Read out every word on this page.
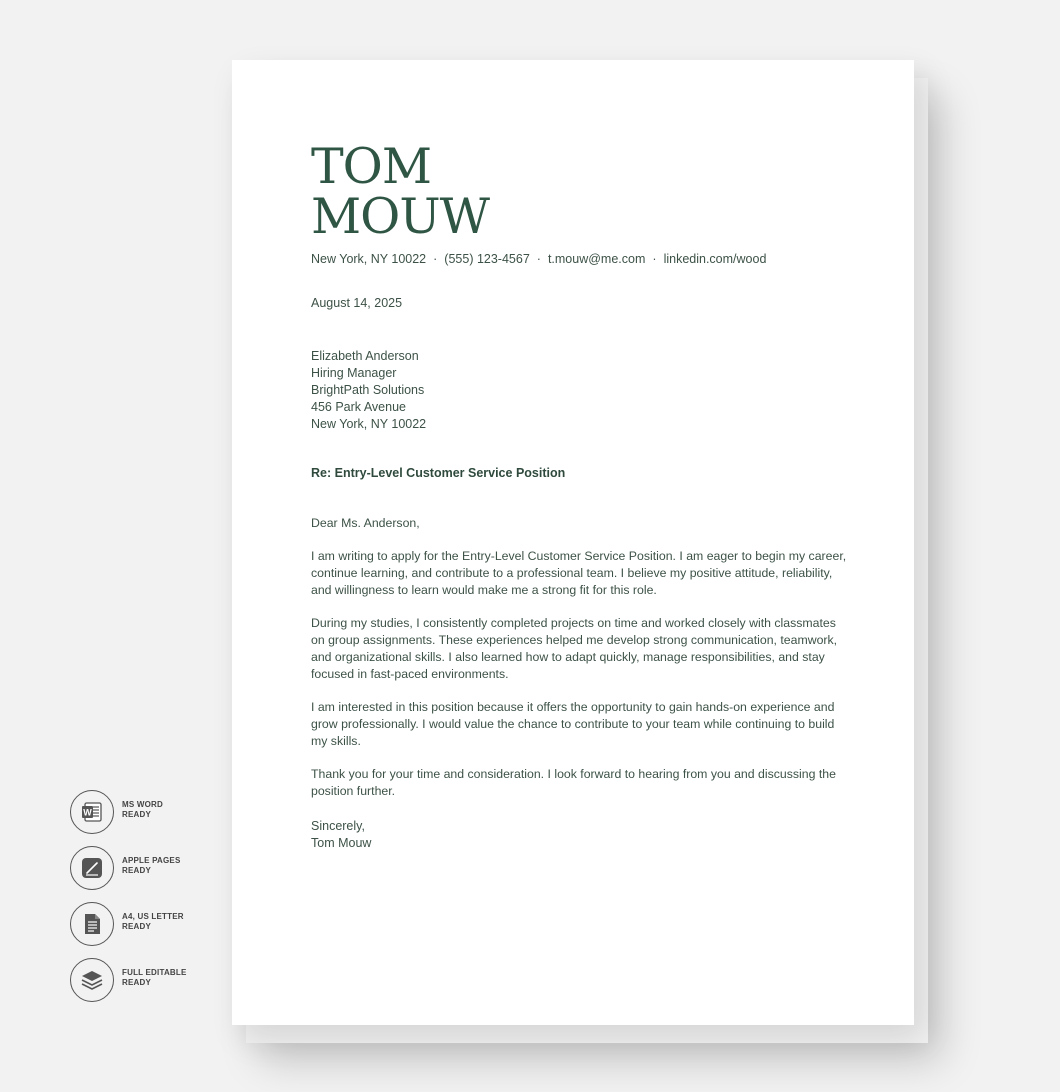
TOM
MOUW
New York, NY 10022 · (555) 123-4567 · t.mouw@me.com · linkedin.com/wood
August 14, 2025
Elizabeth Anderson
Hiring Manager
BrightPath Solutions
456 Park Avenue
New York, NY 10022
Re: Entry-Level Customer Service Position

Dear Ms. Anderson,

I am writing to apply for the Entry-Level Customer Service Position. I am eager to begin my career, continue learning, and contribute to a professional team. I believe my positive attitude, reliability, and willingness to learn would make me a strong fit for this role.

During my studies, I consistently completed projects on time and worked closely with classmates on group assignments. These experiences helped me develop strong communication, teamwork, and organizational skills. I also learned how to adapt quickly, manage responsibilities, and stay focused in fast-paced environments.

I am interested in this position because it offers the opportunity to gain hands-on experience and grow professionally. I would value the chance to contribute to your team while continuing to build my skills.

Thank you for your time and consideration. I look forward to hearing from you and discussing the position further.

Sincerely,
Tom Mouw
W
MS WORD
READY
APPLE PAGES
READY
A4, US LETTER
READY
FULL EDITABLE
READY
